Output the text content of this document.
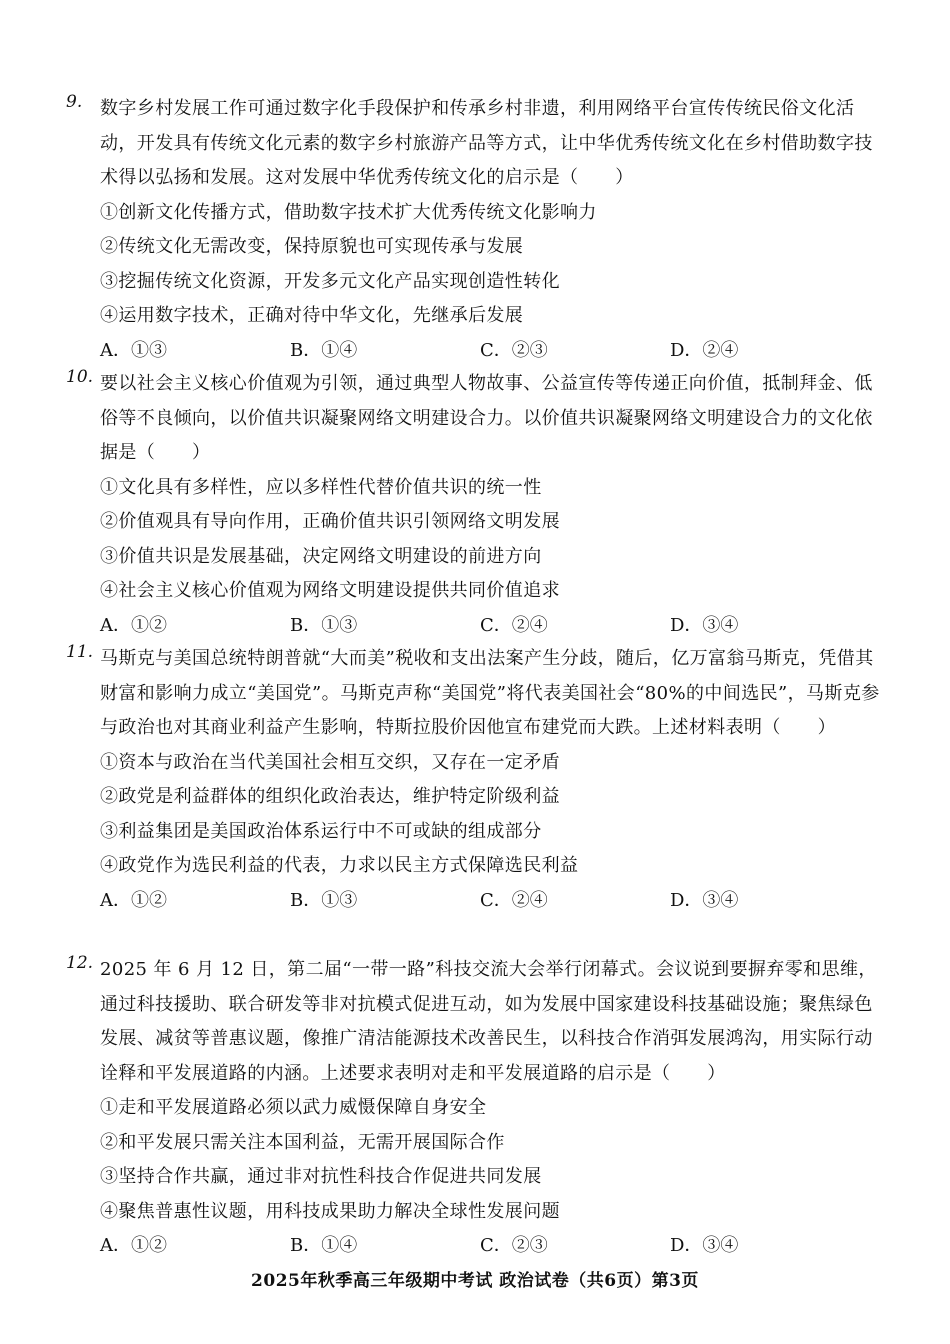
9. 数字乡村发展工作可通过数字化手段保护和传承乡村非遗，利用网络平台宣传传统民俗文化活动，开发具有传统文化元素的数字乡村旅游产品等方式，让中华优秀传统文化在乡村借助数字技术得以弘扬和发展。这对发展中华优秀传统文化的启示是（　　）

①创新文化传播方式，借助数字技术扩大优秀传统文化影响力

②传统文化无需改变，保持原貌也可实现传承与发展

③挖掘传统文化资源，开发多元文化产品实现创造性转化

④运用数字技术，正确对待中华文化，先继承后发展

A．①③	B．①④	C．②③	D．②④
10. 要以社会主义核心价值观为引领，通过典型人物故事、公益宣传等传递正向价值，抵制拜金、低俗等不良倾向，以价值共识凝聚网络文明建设合力。以价值共识凝聚网络文明建设合力的文化依据是（　　）

①文化具有多样性，应以多样性代替价值共识的统一性

②价值观具有导向作用，正确价值共识引领网络文明发展

③价值共识是发展基础，决定网络文明建设的前进方向

④社会主义核心价值观为网络文明建设提供共同价值追求

A．①②	B．①③	C．②④	D．③④
11. 马斯克与美国总统特朗普就“大而美”税收和支出法案产生分歧，随后，亿万富翁马斯克，凭借其财富和影响力成立“美国党”。马斯克声称“美国党”将代表美国社会“80%的中间选民”，马斯克参与政治也对其商业利益产生影响，特斯拉股价因他宣布建党而大跌。上述材料表明（　　）

①资本与政治在当代美国社会相互交织，又存在一定矛盾

②政党是利益群体的组织化政治表达，维护特定阶级利益

③利益集团是美国政治体系运行中不可或缺的组成部分

④政党作为选民利益的代表，力求以民主方式保障选民利益

A．①②	B．①③	C．②④	D．③④
12. 2025 年 6 月 12 日，第二届“一带一路”科技交流大会举行闭幕式。会议说到要摒弃零和思维，通过科技援助、联合研发等非对抗模式促进互动，如为发展中国家建设科技基础设施；聚焦绿色发展、减贫等普惠议题，像推广清洁能源技术改善民生，以科技合作消弭发展鸿沟，用实际行动诠释和平发展道路的内涵。上述要求表明对走和平发展道路的启示是（　　）

①走和平发展道路必须以武力威慑保障自身安全

②和平发展只需关注本国利益，无需开展国际合作

③坚持合作共赢，通过非对抗性科技合作促进共同发展

④聚焦普惠性议题，用科技成果助力解决全球性发展问题

A．①②	B．①④	C．②③	D．③④
2025年秋季高三年级期中考试 政治试卷（共6页）第3页
